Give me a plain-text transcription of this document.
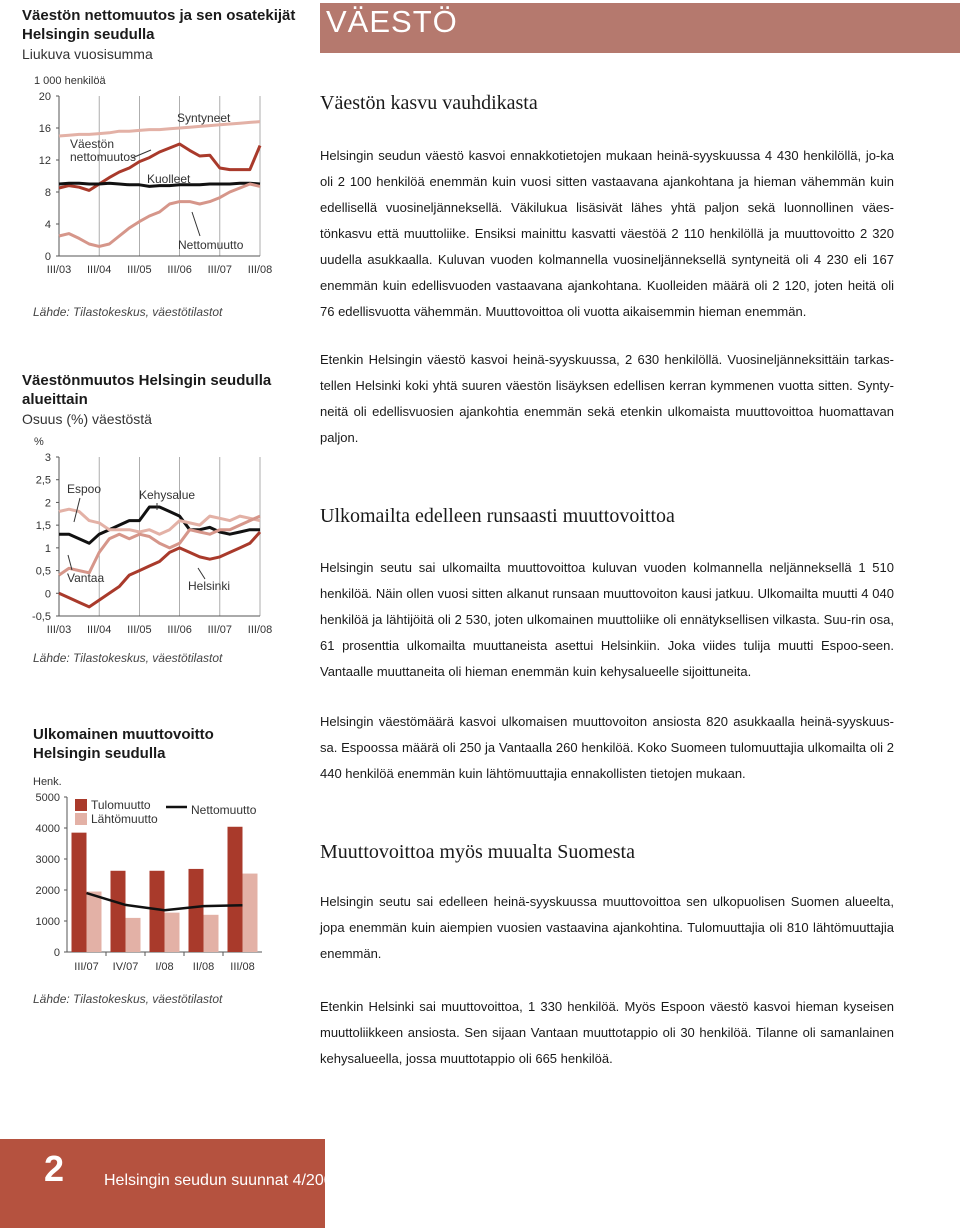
VÄESTÖ
Väestön nettomuutos ja sen osatekijät Helsingin seudulla
Liukuva vuosisumma
1 000 henkilöä
0
4
8
12
16
20
III/03 III/04 III/05 III/06 III/07 III/08
Syntyneet
Väestön nettomuutos
Kuolleet
Nettomuutto
Lähde: Tilastokeskus, väestötilastot
Väestönmuutos Helsingin seudulla alueittain
Osuus (%) väestöstä
%
-0,5
0
0,5
1
1,5
2
2,5
3
III/03 III/04 III/05 III/06 III/07 III/08
Espoo	Kehysalue
Vantaa
Helsinki
Lähde: Tilastokeskus, väestötilastot
Ulkomainen muuttovoitto Helsingin seudulla
Henk.
0
1000
2000
3000
4000
5000
III/07 IV/07 I/08 II/08 III/08
Tulomuutto
Lähtömuutto
Nettomuutto
Lähde: Tilastokeskus, väestötilastot
Väestön kasvu vauhdikasta
Helsingin seudun väestö kasvoi ennakkotietojen mukaan heinä-syyskuussa 4 430 henkilöllä, jo-ka oli 2 100 henkilöä enemmän kuin vuosi sitten vastaavana ajankohtana ja hieman vähemmän kuin edellisellä vuosineljänneksellä. Väkilukua lisäsivät lähes yhtä paljon sekä luonnollinen väes-tönkasvu että muuttoliike. Ensiksi mainittu kasvatti väestöä 2 110 henkilöllä ja muuttovoitto 2 320 uudella asukkaalla. Kuluvan vuoden kolmannella vuosineljänneksellä syntyneitä oli 4 230 eli 167 enemmän kuin edellisvuoden vastaavana ajankohtana. Kuolleiden määrä oli 2 120, joten heitä oli 76 edellisvuotta vähemmän. Muuttovoittoa oli vuotta aikaisemmin hieman enemmän.
Etenkin Helsingin väestö kasvoi heinä-syyskuussa, 2 630 henkilöllä. Vuosineljänneksittäin tarkas-tellen Helsinki koki yhtä suuren väestön lisäyksen edellisen kerran kymmenen vuotta sitten. Synty-neitä oli edellisvuosien ajankohtia enemmän sekä etenkin ulkomaista muuttovoittoa huomattavan paljon.
Ulkomailta edelleen runsaasti muuttovoittoa
Helsingin seutu sai ulkomailta muuttovoittoa kuluvan vuoden kolmannella neljänneksellä 1 510 henkilöä. Näin ollen vuosi sitten alkanut runsaan muuttovoiton kausi jatkuu. Ulkomailta muutti 4 040 henkilöä ja lähtijöitä oli 2 530, joten ulkomainen muuttoliike oli ennätyksellisen vilkasta. Suu-rin osa, 61 prosenttia ulkomailta muuttaneista asettui Helsinkiin. Joka viides tulija muutti Espoo-seen. Vantaalle muuttaneita oli hieman enemmän kuin kehysalueelle sijoittuneita.
Helsingin väestömäärä kasvoi ulkomaisen muuttovoiton ansiosta 820 asukkaalla heinä-syyskuus-sa. Espoossa määrä oli 250 ja Vantaalla 260 henkilöä. Koko Suomeen tulomuuttajia ulkomailta oli 2 440 henkilöä enemmän kuin lähtömuuttajia ennakollisten tietojen mukaan.
Muuttovoittoa myös muualta Suomesta
Helsingin seutu sai edelleen heinä-syyskuussa muuttovoittoa sen ulkopuolisen Suomen alueelta, jopa enemmän kuin aiempien vuosien vastaavina ajankohtina. Tulomuuttajia oli 810 lähtömuuttajia enemmän.
Etenkin Helsinki sai muuttovoittoa, 1 330 henkilöä. Myös Espoon väestö kasvoi hieman kyseisen muuttoliikkeen ansiosta. Sen sijaan Vantaan muuttotappio oli 30 henkilöä. Tilanne oli samanlainen kehysalueella, jossa muuttotappio oli 665 henkilöä.
2 Helsingin seudun suunnat 4/2008
